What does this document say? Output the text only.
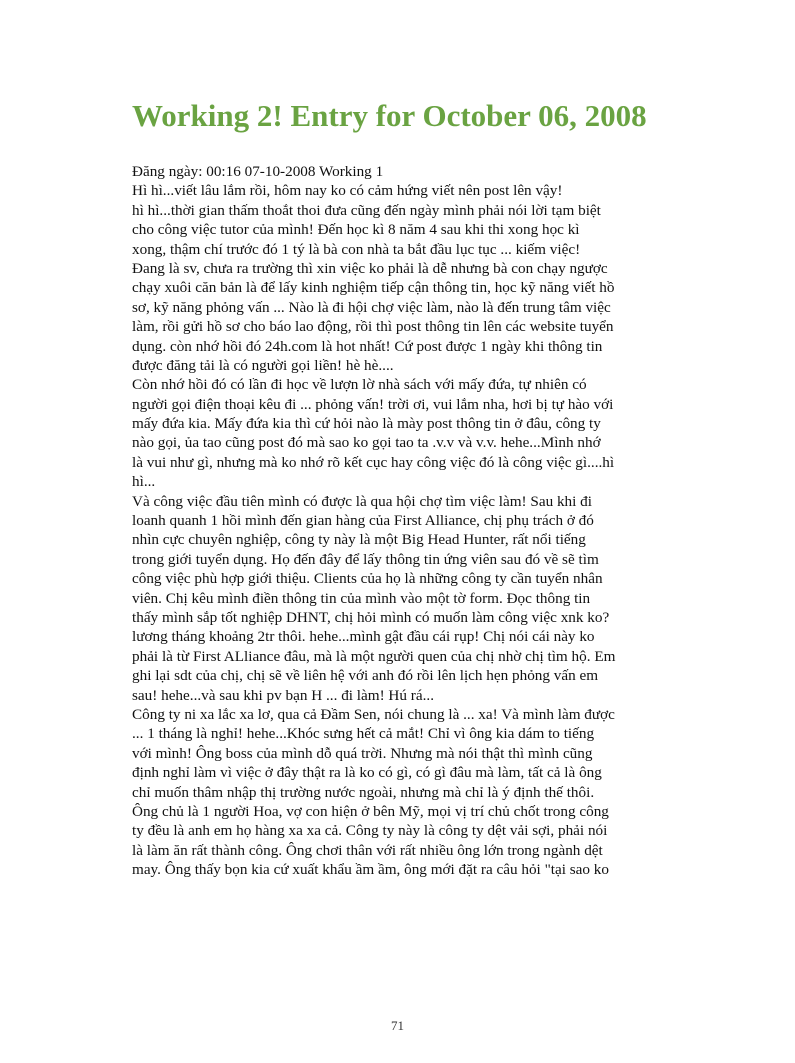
Working 2! Entry for October 06, 2008
Đăng ngày: 00:16 07-10-2008 Working 1
Hì hì...viết lâu lắm rồi, hôm nay ko có cảm hứng viết nên post lên vậy!
hì hì...thời gian thấm thoắt thoi đưa cũng đến ngày mình phải nói lời tạm biệt
cho công việc tutor của mình! Đến học kì 8 năm 4 sau khi thi xong học kì
xong, thậm chí trước đó 1 tý là bà con nhà ta bắt đầu lục tục ... kiếm việc!
Đang là sv, chưa ra trường thì xin việc ko phải là dễ nhưng bà con chạy ngược
chạy xuôi căn bản là để lấy kinh nghiệm tiếp cận thông tin, học kỹ năng viết hồ
sơ, kỹ năng phỏng vấn ... Nào là đi hội chợ việc làm, nào là đến trung tâm việc
làm, rồi gửi hồ sơ cho báo lao động, rồi thì post thông tin lên các website tuyển
dụng. còn nhớ hồi đó 24h.com là hot nhất! Cứ post được 1 ngày khi thông tin
được đăng tải là có người gọi liền! hè hè....
Còn nhớ hồi đó có lần đi học về lượn lờ nhà sách với mấy đứa, tự nhiên có
người gọi điện thoại kêu đi ... phỏng vấn! trời ơi, vui lắm nha, hơi bị tự hào với
mấy đứa kia. Mấy đứa kia thì cứ hỏi nào là mày post thông tin ở đâu, công ty
nào gọi, ủa tao cũng post đó mà sao ko gọi tao ta .v.v và v.v. hehe...Mình nhớ
là vui như gì, nhưng mà ko nhớ rõ kết cục hay công việc đó là công việc gì....hì
hì...
Và công việc đầu tiên mình có được là qua hội chợ tìm việc làm! Sau khi đi
loanh quanh 1 hồi mình đến gian hàng của First Alliance, chị phụ trách ở đó
nhìn cực chuyên nghiệp, công ty này là một Big Head Hunter, rất nổi tiếng
trong giới tuyển dụng. Họ đến đây để lấy thông tin ứng viên sau đó về sẽ tìm
công việc phù hợp giới thiệu. Clients của họ là những công ty cần tuyển nhân
viên. Chị kêu mình điền thông tin của mình vào một tờ form. Đọc thông tin
thấy mình sắp tốt nghiệp DHNT, chị hỏi mình có muốn làm công việc xnk ko?
lương tháng khoảng 2tr thôi. hehe...mình gật đầu cái rụp! Chị nói cái này ko
phải là từ First ALliance đâu, mà là một người quen của chị nhờ chị tìm hộ. Em
ghi lại sdt của chị, chị sẽ về liên hệ với anh đó rồi lên lịch hẹn phỏng vấn em
sau! hehe...và sau khi pv bạn H ... đi làm! Hú rá...
Công ty ni xa lắc xa lơ, qua cả Đầm Sen, nói chung là ... xa! Và mình làm được
... 1 tháng là nghỉ! hehe...Khóc sưng hết cả mắt! Chỉ vì ông kia dám to tiếng
với mình! Ông boss của mình dỗ quá trời. Nhưng mà nói thật thì mình cũng
định nghỉ làm vì việc ở đây thật ra là ko có gì, có gì đâu mà làm, tất cả là ông
chỉ muốn thâm nhập thị trường nước ngoài, nhưng mà chỉ là ý định thế thôi.
Ông chủ là 1 người Hoa, vợ con hiện ở bên Mỹ, mọi vị trí chủ chốt trong công
ty đều là anh em họ hàng xa xa cả. Công ty này là công ty dệt vải sợi, phải nói
là làm ăn rất thành công. Ông chơi thân với rất nhiều ông lớn trong ngành dệt
may. Ông thấy bọn kia cứ xuất khẩu ầm ầm, ông mới đặt ra câu hỏi "tại sao ko
71
